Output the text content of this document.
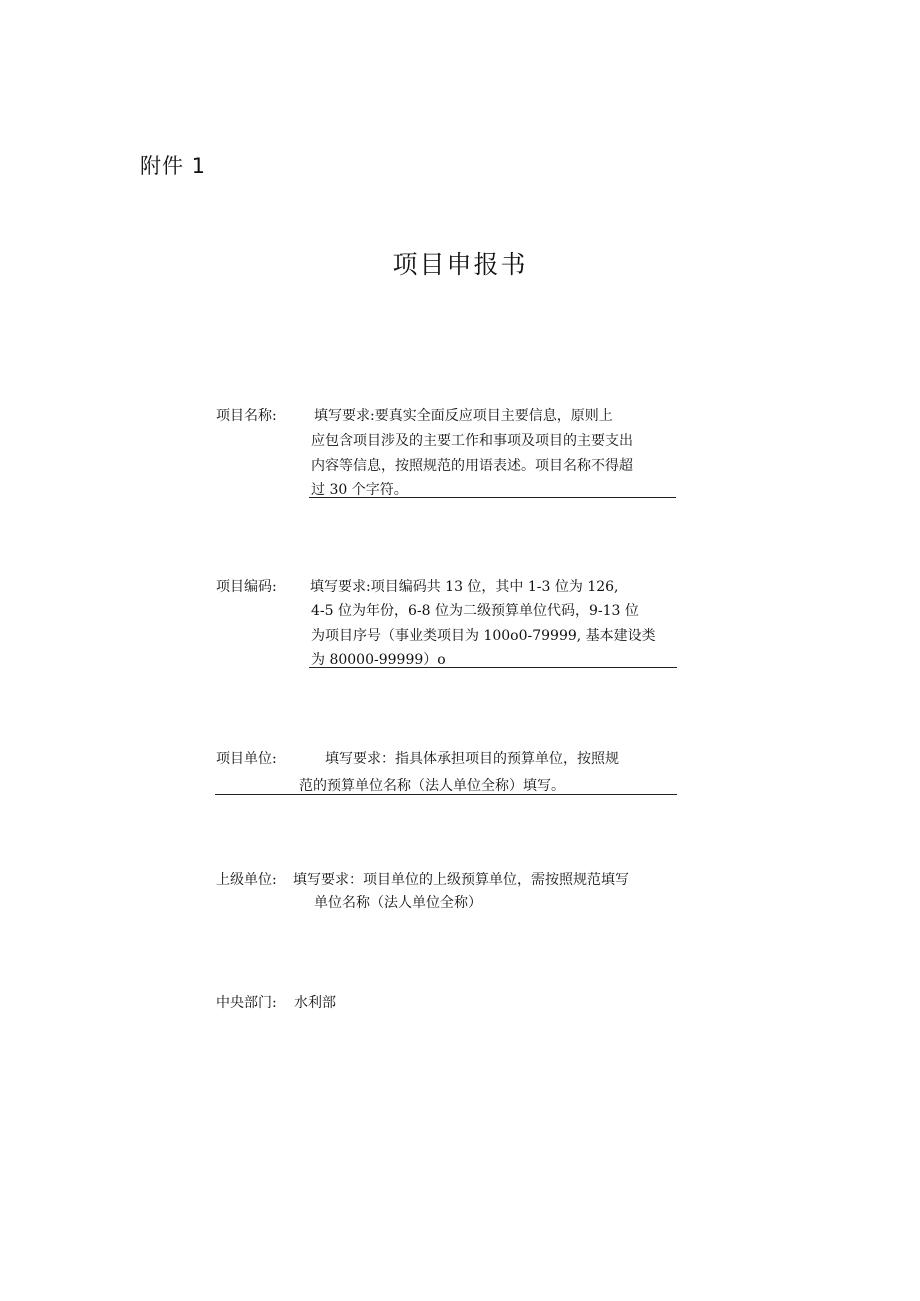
附件 1
项目申报书
项目名称:	填写要求:要真实全面反应项目主要信息，原则上
应包含项目涉及的主要工作和事项及项目的主要支出
内容等信息，按照规范的用语表述。项目名称不得超
过 30 个字符。
项目编码: 填写要求:项目编码共 13 位，其中 1-3 位为 126,
4-5 位为年份，6-8 位为二级预算单位代码，9-13 位
为项目序号（事业类项目为 100o0-79999, 基本建设类
为 80000-99999）o
项目单位:	填写要求：指具体承担项目的预算单位，按照规
范的预算单位名称（法人单位全称）填写。
上级单位: 填写要求：项目单位的上级预算单位，需按照规范填写
单位名称（法人单位全称）
中央部门: 水利部
